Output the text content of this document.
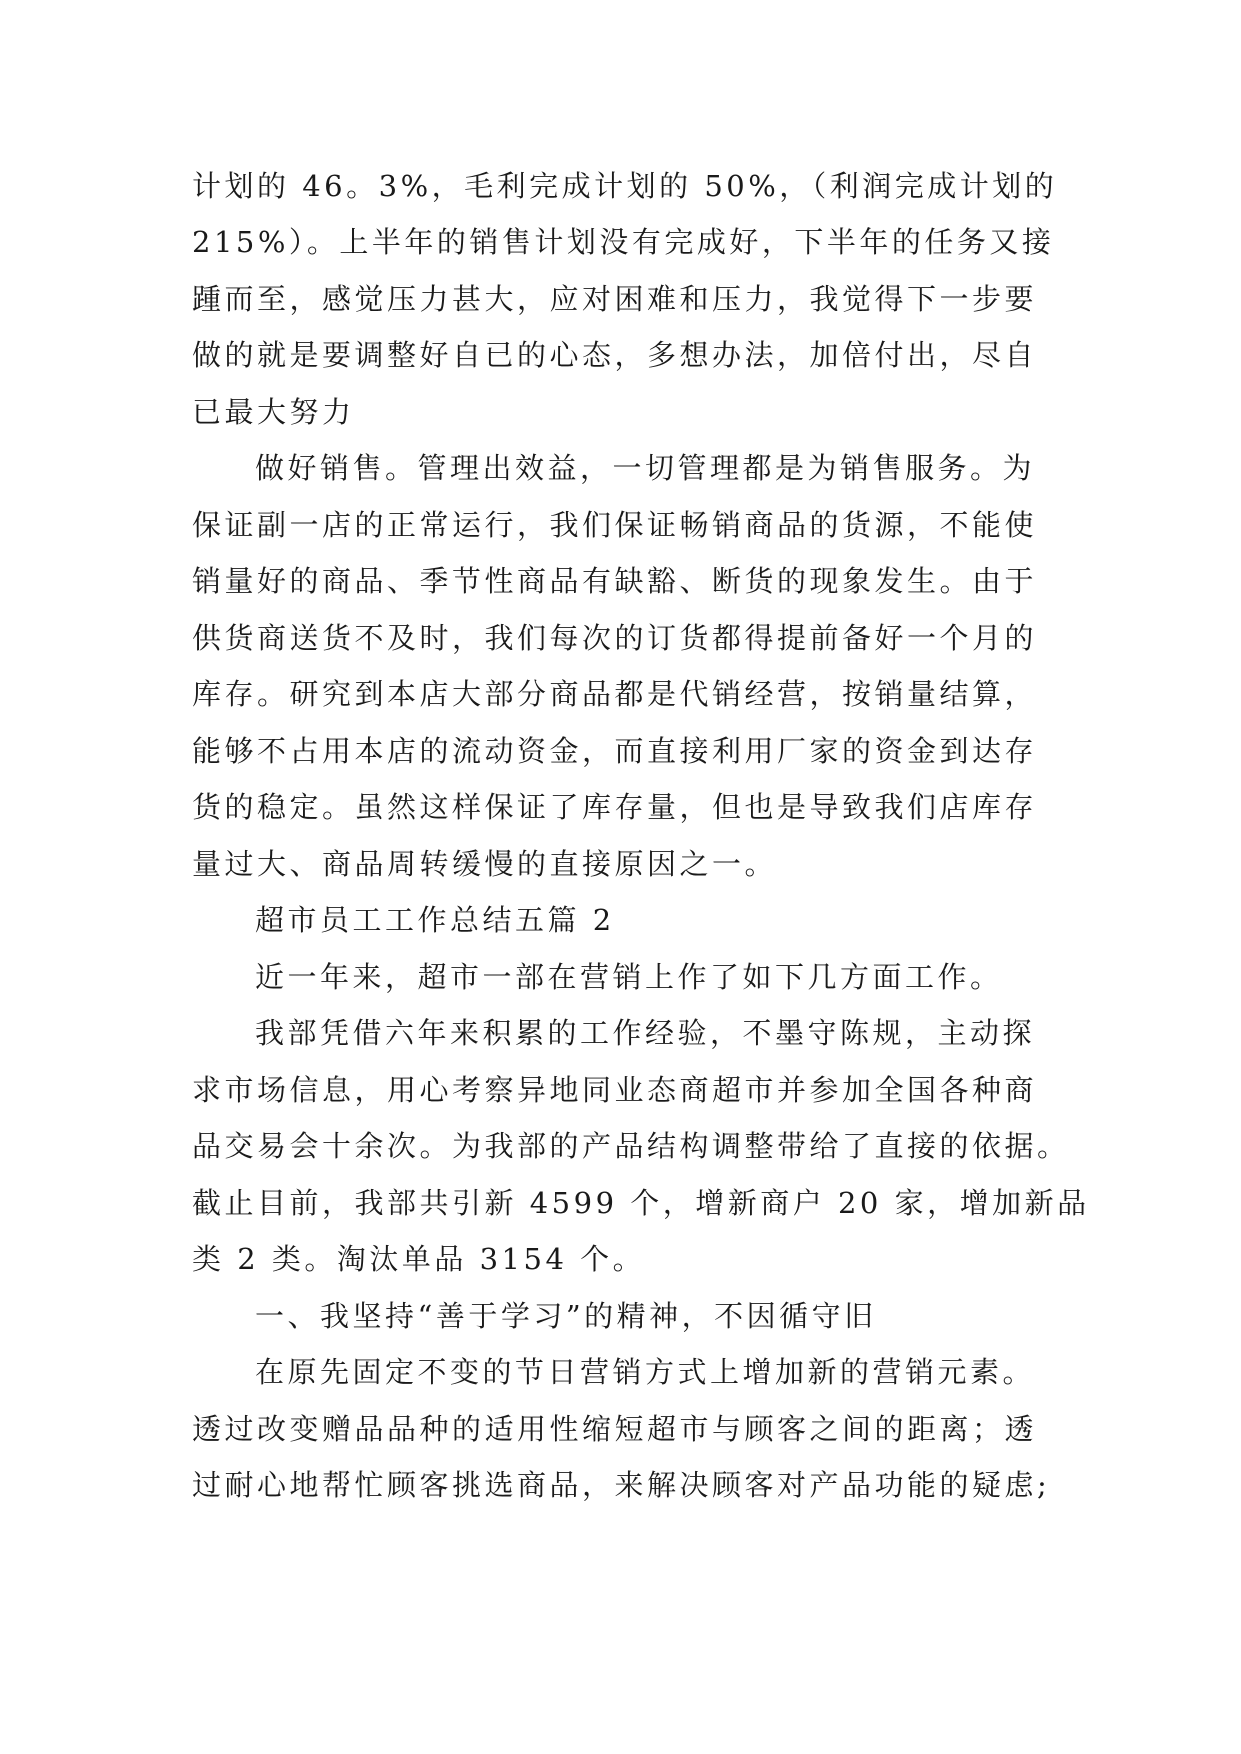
计划的 46。3%，毛利完成计划的 50%，（利润完成计划的
215%）。上半年的销售计划没有完成好，下半年的任务又接
踵而至，感觉压力甚大，应对困难和压力，我觉得下一步要
做的就是要调整好自已的心态，多想办法，加倍付出，尽自
已最大努力
做好销售。管理出效益，一切管理都是为销售服务。为
保证副一店的正常运行，我们保证畅销商品的货源，不能使
销量好的商品、季节性商品有缺豁、断货的现象发生。由于
供货商送货不及时，我们每次的订货都得提前备好一个月的
库存。研究到本店大部分商品都是代销经营，按销量结算，
能够不占用本店的流动资金，而直接利用厂家的资金到达存
货的稳定。虽然这样保证了库存量，但也是导致我们店库存
量过大、商品周转缓慢的直接原因之一。
超市员工工作总结五篇 2
近一年来，超市一部在营销上作了如下几方面工作。
我部凭借六年来积累的工作经验，不墨守陈规，主动探
求市场信息，用心考察异地同业态商超市并参加全国各种商
品交易会十余次。为我部的产品结构调整带给了直接的依据。
截止目前，我部共引新 4599 个，增新商户 20 家，增加新品
类 2 类。淘汰单品 3154 个。
一、我坚持“善于学习”的精神，不因循守旧
在原先固定不变的节日营销方式上增加新的营销元素。
透过改变赠品品种的适用性缩短超市与顾客之间的距离；透
过耐心地帮忙顾客挑选商品，来解决顾客对产品功能的疑虑;
